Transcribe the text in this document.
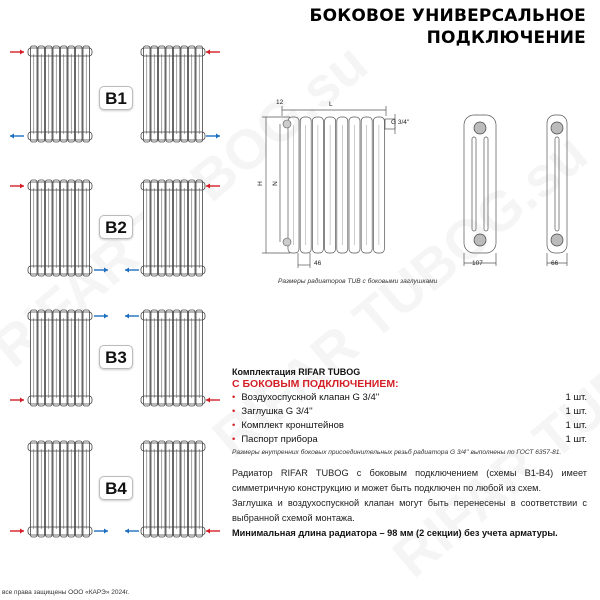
БОКОВОЕ УНИВЕРСАЛЬНОЕ
ПОДКЛЮЧЕНИЕ
B1
B2
B3
B4
12	L
G 3/4''
H N
46	107	66
Размеры радиаторов TUB с боковыми заглушками
Комплектация RIFAR TUBOG
С БОКОВЫМ ПОДКЛЮЧЕНИЕМ:
• Воздухоспускной клапан G 3/4''	1 шт.
• Заглушка G 3/4''	1 шт.
• Комплект кронштейнов	1 шт.
• Паспорт прибора	1 шт.
Размеры внутренних боковых присоединительных резьб радиатора G 3/4'' выполнены по ГОСТ 6357-81.
Радиатор RIFAR TUBOG с боковым подключением (схемы В1-В4) имеет симметричную конструкцию и может быть подключен по любой из схем.
Заглушка и воздухоспускной клапан могут быть перенесены в соответствии с выбранной схемой монтажа.
Минимальная длина радиатора – 98 мм (2 секции) без учета арматуры.
все права защищены ООО «КАРЭ» 2024г.
